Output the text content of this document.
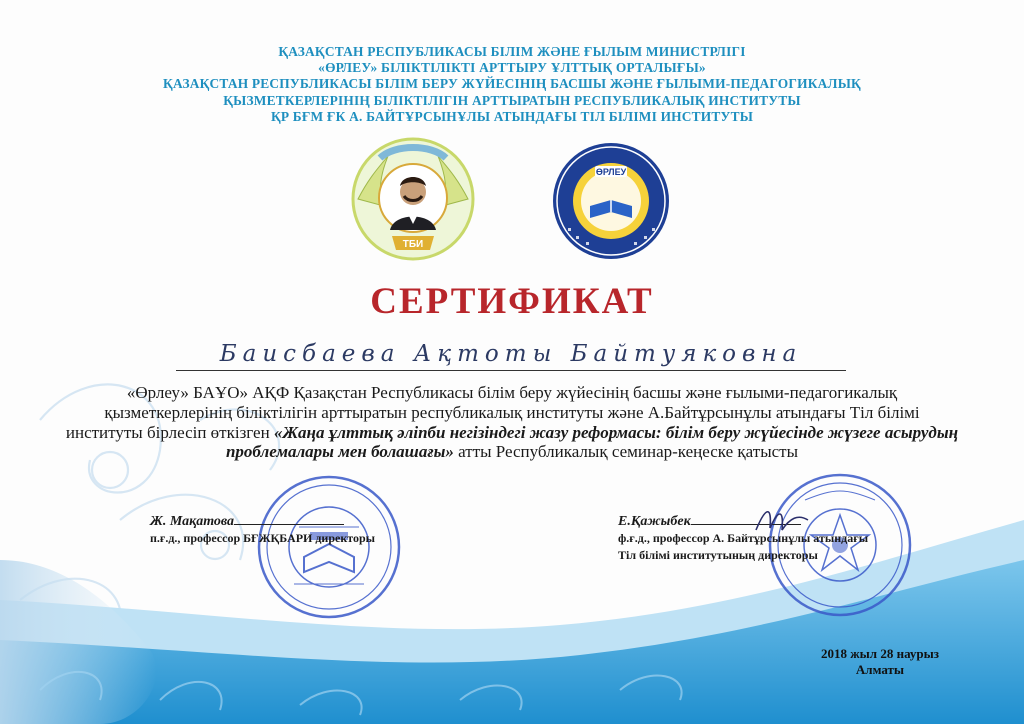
ҚАЗАҚСТАН РЕСПУБЛИКАСЫ БІЛІМ ЖӘНЕ ҒЫЛЫМ МИНИСТРЛІГІ
«ӨРЛЕУ» БІЛІКТІЛІКТІ АРТТЫРУ ҰЛТТЫҚ ОРТАЛЫҒЫ»
ҚАЗАҚСТАН РЕСПУБЛИКАСЫ БІЛІМ БЕРУ ЖҮЙЕСІНІҢ БАСШЫ ЖӘНЕ ҒЫЛЫМИ-ПЕДАГОГИКАЛЫҚ
ҚЫЗМЕТКЕРЛЕРІНІҢ БІЛІКТІЛІГІН АРТТЫРАТЫН РЕСПУБЛИКАЛЫҚ ИНСТИТУТЫ
ҚР БҒМ ҒК А. БАЙТҰРСЫНҰЛЫ АТЫНДАҒЫ ТІЛ БІЛІМІ ИНСТИТУТЫ
ТБИ
ӨРЛЕУ
СЕРТИФИКАТ
Баисбаева Ақтоты Байтуяковна
«Өрлеу» БАҰО» АҚФ Қазақстан Республикасы білім беру жүйесінің басшы және ғылыми-педагогикалық қызметкерлерінің біліктілігін арттыратын республикалық институты және А.Байтұрсынұлы атындағы Тіл білімі институты бірлесіп өткізген «Жаңа ұлттық әліпби негізіндегі жазу реформасы: білім беру жүйесінде жүзеге асырудың проблемалары мен болашағы» атты Республикалық семинар-кеңеске қатысты
Ж. Мақатова
п.ғ.д., профессор БҒЖҚБАРИ директоры
Е.Қажыбек
ф.ғ.д., профессор А. Байтұрсынұлы атындағы
Тіл білімі институтының директоры
2018 жыл 28 наурыз
Алматы
